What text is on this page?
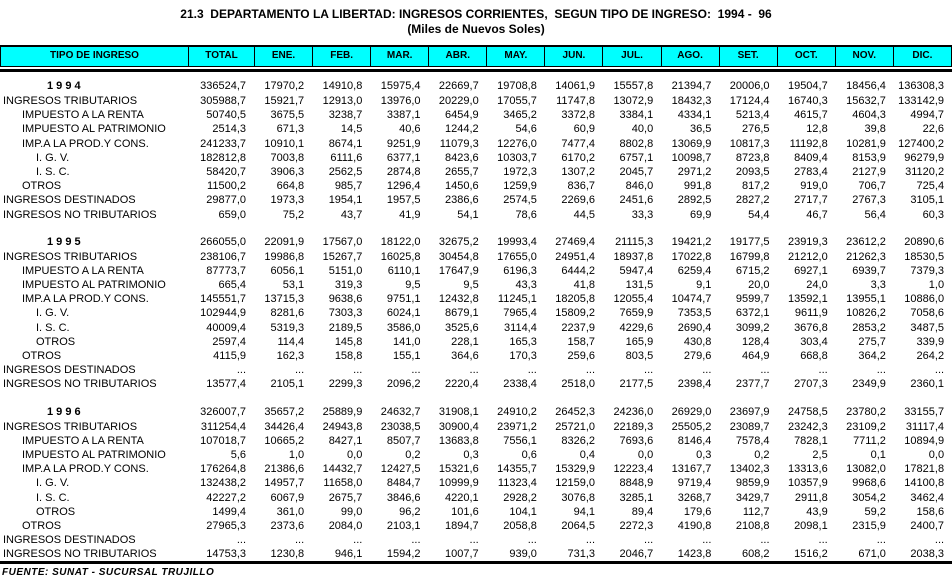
21.3  DEPARTAMENTO LA LIBERTAD: INGRESOS CORRIENTES,  SEGUN TIPO DE INGRESO:  1994 -  96
(Miles de Nuevos Soles)
TIPO DE INGRESO	TOTAL	ENE.	FEB.	MAR.	ABR.	MAY.	JUN.	JUL.	AGO.	SET.	OCT.	NOV.	DIC.
1 9 9 4	336524,7	17970,2	14910,8	15975,4	22669,7	19708,8	14061,9	15557,8	21394,7	20006,0	19504,7	18456,4	136308,3
INGRESOS TRIBUTARIOS	305988,7	15921,7	12913,0	13976,0	20229,0	17055,7	11747,8	13072,9	18432,3	17124,4	16740,3	15632,7	133142,9
IMPUESTO A LA RENTA	50740,5	3675,5	3238,7	3387,1	6454,9	3465,2	3372,8	3384,1	4334,1	5213,4	4615,7	4604,3	4994,7
IMPUESTO AL PATRIMONIO	2514,3	671,3	14,5	40,6	1244,2	54,6	60,9	40,0	36,5	276,5	12,8	39,8	22,6
IMP.A LA PROD.Y CONS.	241233,7	10910,1	8674,1	9251,9	11079,3	12276,0	7477,4	8802,8	13069,9	10817,3	11192,8	10281,9	127400,2
I. G. V.	182812,8	7003,8	6111,6	6377,1	8423,6	10303,7	6170,2	6757,1	10098,7	8723,8	8409,4	8153,9	96279,9
I. S. C.	58420,7	3906,3	2562,5	2874,8	2655,7	1972,3	1307,2	2045,7	2971,2	2093,5	2783,4	2127,9	31120,2
OTROS	11500,2	664,8	985,7	1296,4	1450,6	1259,9	836,7	846,0	991,8	817,2	919,0	706,7	725,4
INGRESOS DESTINADOS	29877,0	1973,3	1954,1	1957,5	2386,6	2574,5	2269,6	2451,6	2892,5	2827,2	2717,7	2767,3	3105,1
INGRESOS NO TRIBUTARIOS	659,0	75,2	43,7	41,9	54,1	78,6	44,5	33,3	69,9	54,4	46,7	56,4	60,3
1 9 9 5	266055,0	22091,9	17567,0	18122,0	32675,2	19993,4	27469,4	21115,3	19421,2	19177,5	23919,3	23612,2	20890,6
INGRESOS TRIBUTARIOS	238106,7	19986,8	15267,7	16025,8	30454,8	17655,0	24951,4	18937,8	17022,8	16799,8	21212,0	21262,3	18530,5
IMPUESTO A LA RENTA	87773,7	6056,1	5151,0	6110,1	17647,9	6196,3	6444,2	5947,4	6259,4	6715,2	6927,1	6939,7	7379,3
IMPUESTO AL PATRIMONIO	665,4	53,1	319,3	9,5	9,5	43,3	41,8	131,5	9,1	20,0	24,0	3,3	1,0
IMP.A LA PROD.Y CONS.	145551,7	13715,3	9638,6	9751,1	12432,8	11245,1	18205,8	12055,4	10474,7	9599,7	13592,1	13955,1	10886,0
I. G. V.	102944,9	8281,6	7303,3	6024,1	8679,1	7965,4	15809,2	7659,9	7353,5	6372,1	9611,9	10826,2	7058,6
I. S. C.	40009,4	5319,3	2189,5	3586,0	3525,6	3114,4	2237,9	4229,6	2690,4	3099,2	3676,8	2853,2	3487,5
OTROS	2597,4	114,4	145,8	141,0	228,1	165,3	158,7	165,9	430,8	128,4	303,4	275,7	339,9
OTROS	4115,9	162,3	158,8	155,1	364,6	170,3	259,6	803,5	279,6	464,9	668,8	364,2	264,2
INGRESOS DESTINADOS	...	...	...	...	...	...	...	...	...	...	...	...	...
INGRESOS NO TRIBUTARIOS	13577,4	2105,1	2299,3	2096,2	2220,4	2338,4	2518,0	2177,5	2398,4	2377,7	2707,3	2349,9	2360,1
1 9 9 6	326007,7	35657,2	25889,9	24632,7	31908,1	24910,2	26452,3	24236,0	26929,0	23697,9	24758,5	23780,2	33155,7
INGRESOS TRIBUTARIOS	311254,4	34426,4	24943,8	23038,5	30900,4	23971,2	25721,0	22189,3	25505,2	23089,7	23242,3	23109,2	31117,4
IMPUESTO A LA RENTA	107018,7	10665,2	8427,1	8507,7	13683,8	7556,1	8326,2	7693,6	8146,4	7578,4	7828,1	7711,2	10894,9
IMPUESTO AL PATRIMONIO	5,6	1,0	0,0	0,2	0,3	0,6	0,4	0,0	0,3	0,2	2,5	0,1	0,0
IMP.A LA PROD.Y CONS.	176264,8	21386,6	14432,7	12427,5	15321,6	14355,7	15329,9	12223,4	13167,7	13402,3	13313,6	13082,0	17821,8
I. G. V.	132438,2	14957,7	11658,0	8484,7	10999,9	11323,4	12159,0	8848,9	9719,4	9859,9	10357,9	9968,6	14100,8
I. S. C.	42227,2	6067,9	2675,7	3846,6	4220,1	2928,2	3076,8	3285,1	3268,7	3429,7	2911,8	3054,2	3462,4
OTROS	1499,4	361,0	99,0	96,2	101,6	104,1	94,1	89,4	179,6	112,7	43,9	59,2	158,6
OTROS	27965,3	2373,6	2084,0	2103,1	1894,7	2058,8	2064,5	2272,3	4190,8	2108,8	2098,1	2315,9	2400,7
INGRESOS DESTINADOS	...	...	...	...	...	...	...	...	...	...	...	...	...
INGRESOS NO TRIBUTARIOS	14753,3	1230,8	946,1	1594,2	1007,7	939,0	731,3	2046,7	1423,8	608,2	1516,2	671,0	2038,3
FUENTE: SUNAT - SUCURSAL TRUJILLO
